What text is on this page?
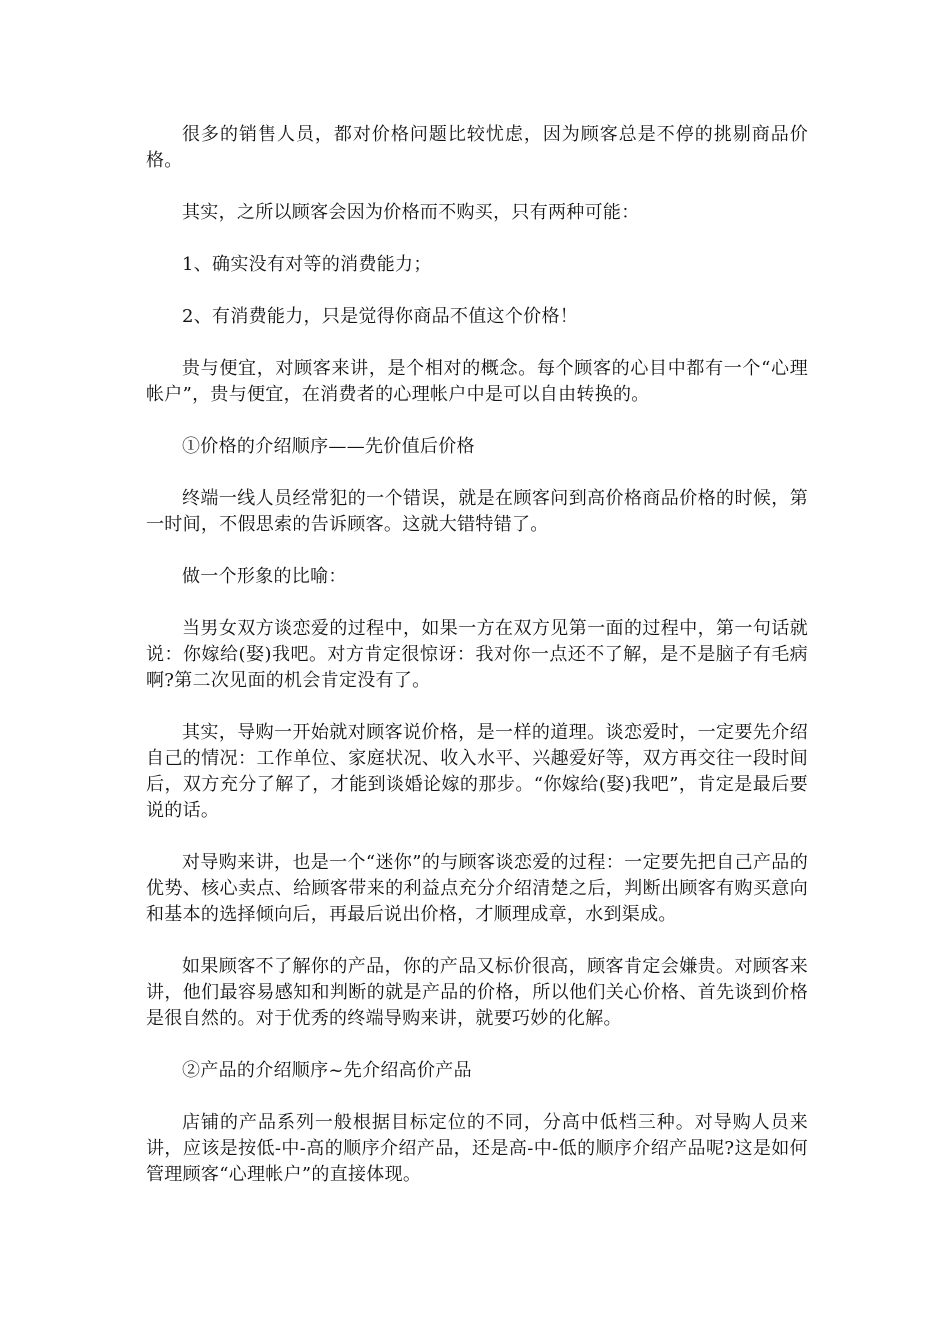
很多的销售人员，都对价格问题比较忧虑，因为顾客总是不停的挑剔商品价格。

其实，之所以顾客会因为价格而不购买，只有两种可能：

1、确实没有对等的消费能力；

2、有消费能力，只是觉得你商品不值这个价格！

贵与便宜，对顾客来讲，是个相对的概念。每个顾客的心目中都有一个“心理帐户”，贵与便宜，在消费者的心理帐户中是可以自由转换的。

①价格的介绍顺序——先价值后价格

终端一线人员经常犯的一个错误，就是在顾客问到高价格商品价格的时候，第一时间，不假思索的告诉顾客。这就大错特错了。

做一个形象的比喻：

当男女双方谈恋爱的过程中，如果一方在双方见第一面的过程中，第一句话就说：你嫁给(娶)我吧。对方肯定很惊讶：我对你一点还不了解，是不是脑子有毛病啊?第二次见面的机会肯定没有了。

其实，导购一开始就对顾客说价格，是一样的道理。谈恋爱时，一定要先介绍自己的情况：工作单位、家庭状况、收入水平、兴趣爱好等，双方再交往一段时间后，双方充分了解了，才能到谈婚论嫁的那步。“你嫁给(娶)我吧”，肯定是最后要说的话。

对导购来讲，也是一个“迷你”的与顾客谈恋爱的过程：一定要先把自己产品的优势、核心卖点、给顾客带来的利益点充分介绍清楚之后，判断出顾客有购买意向和基本的选择倾向后，再最后说出价格，才顺理成章，水到渠成。

如果顾客不了解你的产品，你的产品又标价很高，顾客肯定会嫌贵。对顾客来讲，他们最容易感知和判断的就是产品的价格，所以他们关心价格、首先谈到价格是很自然的。对于优秀的终端导购来讲，就要巧妙的化解。

②产品的介绍顺序~先介绍高价产品

店铺的产品系列一般根据目标定位的不同，分高中低档三种。对导购人员来讲，应该是按低-中-高的顺序介绍产品，还是高-中-低的顺序介绍产品呢?这是如何管理顾客“心理帐户”的直接体现。
